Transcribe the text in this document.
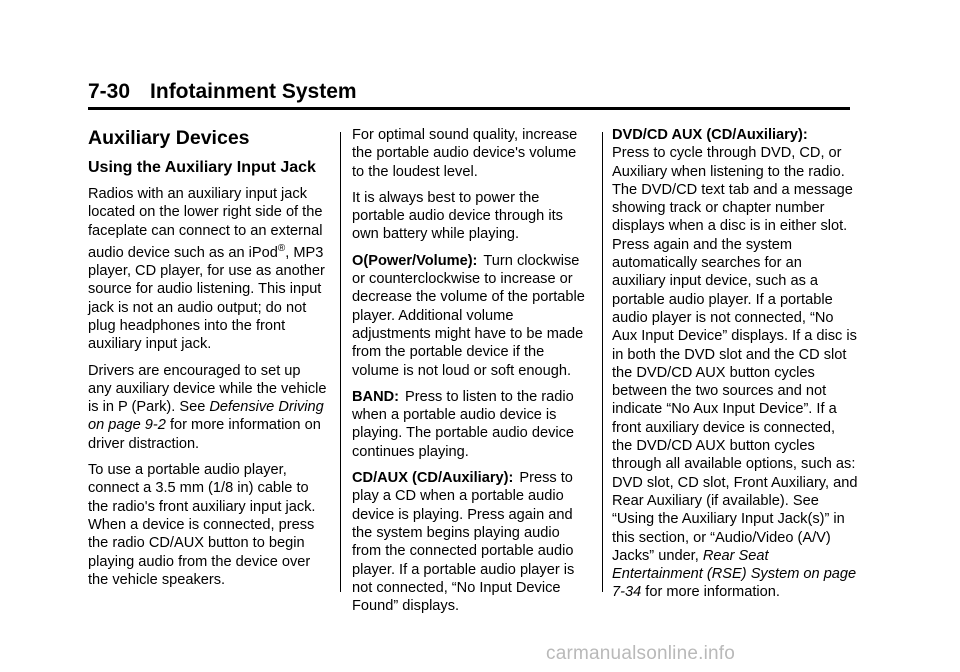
7-30 Infotainment System
Auxiliary Devices
Using the Auxiliary Input Jack

Radios with an auxiliary input jack located on the lower right side of the faceplate can connect to an external audio device such as an iPod®, MP3 player, CD player, for use as another source for audio listening. This input jack is not an audio output; do not plug headphones into the front auxiliary input jack.

Drivers are encouraged to set up any auxiliary device while the vehicle is in P (Park). See Defensive Driving on page 9-2 for more information on driver distraction.

To use a portable audio player, connect a 3.5 mm (1/8 in) cable to the radio's front auxiliary input jack. When a device is connected, press the radio CD/AUX button to begin playing audio from the device over the vehicle speakers.

For optimal sound quality, increase the portable audio device's volume to the loudest level.

It is always best to power the portable audio device through its own battery while playing.

O(Power/Volume): Turn clockwise or counterclockwise to increase or decrease the volume of the portable player. Additional volume adjustments might have to be made from the portable device if the volume is not loud or soft enough.

BAND: Press to listen to the radio when a portable audio device is playing. The portable audio device continues playing.

CD/AUX (CD/Auxiliary): Press to play a CD when a portable audio device is playing. Press again and the system begins playing audio from the connected portable audio player. If a portable audio player is not connected, “No Input Device Found” displays.

DVD/CD AUX (CD/Auxiliary):
Press to cycle through DVD, CD, or Auxiliary when listening to the radio. The DVD/CD text tab and a message showing track or chapter number displays when a disc is in either slot. Press again and the system automatically searches for an auxiliary input device, such as a portable audio player. If a portable audio player is not connected, “No Aux Input Device” displays. If a disc is in both the DVD slot and the CD slot the DVD/CD AUX button cycles between the two sources and not indicate “No Aux Input Device”. If a front auxiliary device is connected, the DVD/CD AUX button cycles through all available options, such as: DVD slot, CD slot, Front Auxiliary, and Rear Auxiliary (if available). See “Using the Auxiliary Input Jack(s)” in this section, or “Audio/Video (A/V) Jacks” under, Rear Seat Entertainment (RSE) System on page 7-34 for more information.

carmanualsonline.info
